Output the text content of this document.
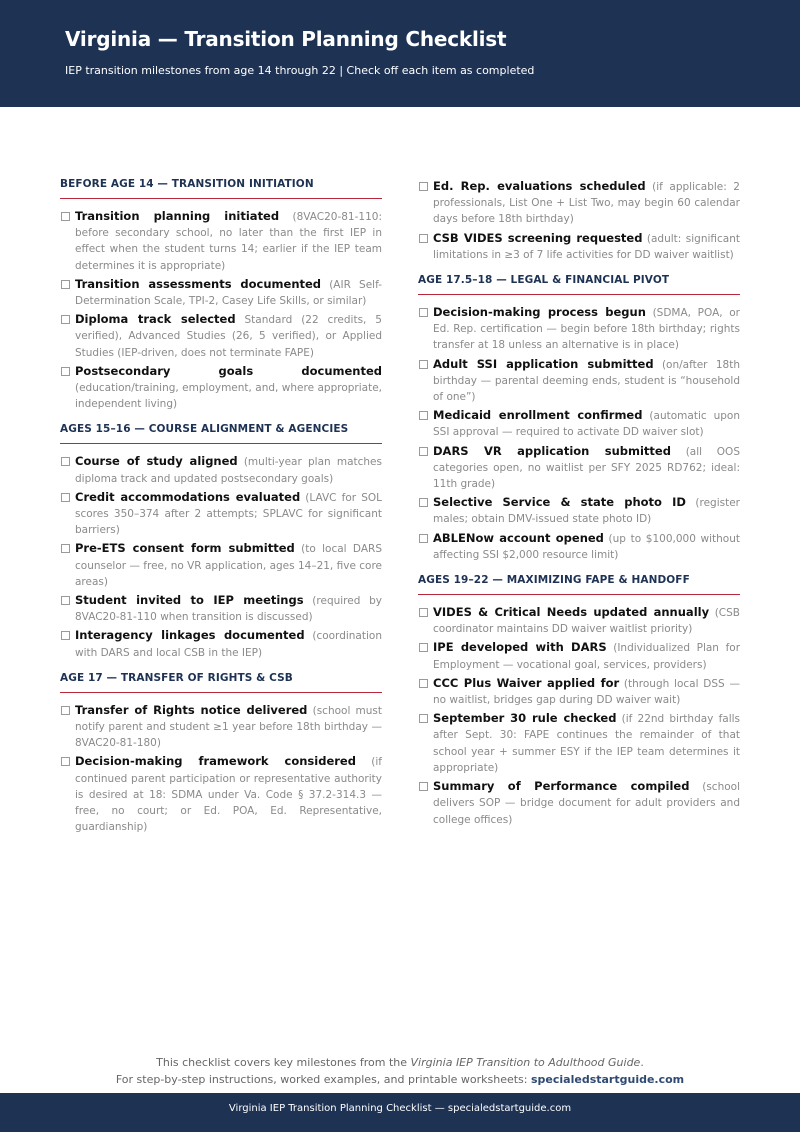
Virginia — Transition Planning Checklist
IEP transition milestones from age 14 through 22 | Check off each item as completed
BEFORE AGE 14 — TRANSITION INITIATION
Transition planning initiated (8VAC20-81-110: before secondary school, no later than the first IEP in effect when the student turns 14; earlier if the IEP team determines it is appropriate)
Transition assessments documented (AIR Self-Determination Scale, TPI-2, Casey Life Skills, or similar)
Diploma track selected Standard (22 credits, 5 verified), Advanced Studies (26, 5 verified), or Applied Studies (IEP-driven, does not terminate FAPE)
Postsecondary goals documented (education/training, employment, and, where appropriate, independent living)
AGES 15–16 — COURSE ALIGNMENT & AGENCIES
Course of study aligned (multi-year plan matches diploma track and updated postsecondary goals)
Credit accommodations evaluated (LAVC for SOL scores 350–374 after 2 attempts; SPLAVC for significant barriers)
Pre-ETS consent form submitted (to local DARS counselor — free, no VR application, ages 14–21, five core areas)
Student invited to IEP meetings (required by 8VAC20-81-110 when transition is discussed)
Interagency linkages documented (coordination with DARS and local CSB in the IEP)
AGE 17 — TRANSFER OF RIGHTS & CSB
Transfer of Rights notice delivered (school must notify parent and student ≥1 year before 18th birthday — 8VAC20-81-180)
Decision-making framework considered (if continued parent participation or representative authority is desired at 18: SDMA under Va. Code § 37.2-314.3 — free, no court; or Ed. POA, Ed. Representative, guardianship)
Ed. Rep. evaluations scheduled (if applicable: 2 professionals, List One + List Two, may begin 60 calendar days before 18th birthday)
CSB VIDES screening requested (adult: significant limitations in ≥3 of 7 life activities for DD waiver waitlist)
AGE 17.5–18 — LEGAL & FINANCIAL PIVOT
Decision-making process begun (SDMA, POA, or Ed. Rep. certification — begin before 18th birthday; rights transfer at 18 unless an alternative is in place)
Adult SSI application submitted (on/after 18th birthday — parental deeming ends, student is “household of one”)
Medicaid enrollment confirmed (automatic upon SSI approval — required to activate DD waiver slot)
DARS VR application submitted (all OOS categories open, no waitlist per SFY 2025 RD762; ideal: 11th grade)
Selective Service & state photo ID (register males; obtain DMV-issued state photo ID)
ABLENow account opened (up to $100,000 without affecting SSI $2,000 resource limit)
AGES 19–22 — MAXIMIZING FAPE & HANDOFF
VIDES & Critical Needs updated annually (CSB coordinator maintains DD waiver waitlist priority)
IPE developed with DARS (Individualized Plan for Employment — vocational goal, services, providers)
CCC Plus Waiver applied for (through local DSS — no waitlist, bridges gap during DD waiver wait)
September 30 rule checked (if 22nd birthday falls after Sept. 30: FAPE continues the remainder of that school year + summer ESY if the IEP team determines it appropriate)
Summary of Performance compiled (school delivers SOP — bridge document for adult providers and college offices)
This checklist covers key milestones from the Virginia IEP Transition to Adulthood Guide.
For step-by-step instructions, worked examples, and printable worksheets: specialedstartguide.com
Virginia IEP Transition Planning Checklist — specialedstartguide.com
